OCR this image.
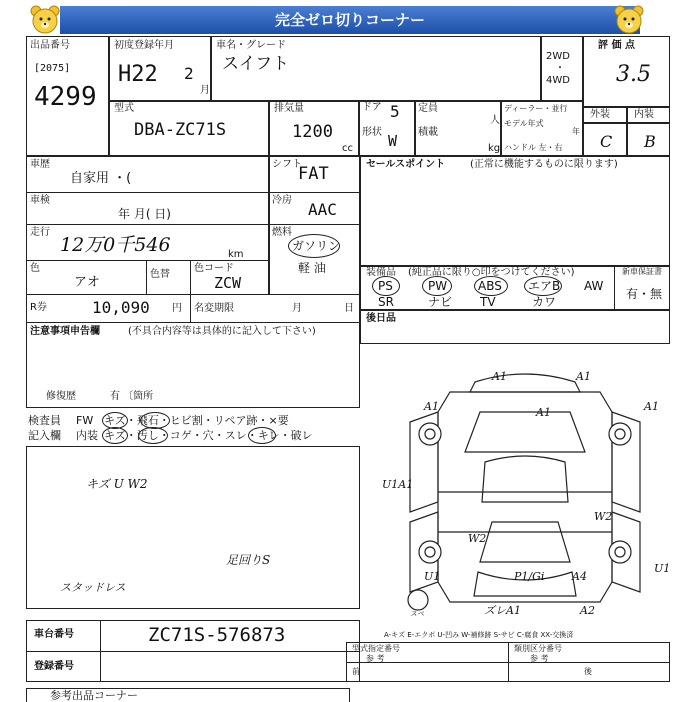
完全ゼロ切りコーナー
出品番号
[2075]
4299
初度登録年月
H22 2
月
車名・グレード
スイフト	2WD
・
4WD
評 価 点
3.5
型式
DBA-ZC71S
排気量
1200
cc
ドア 5
形状 W
定員
人
積載
kg
ディーラー・並行
モデル年式
年
ハンドル 左・右
外装 内装
C B
車歴
自家用 ・(
車検
年 月( 日)
走行
12万0千546	km
色
アオ
色替
色コード
ZCW
R券	10,090 円 名変期限	月	日
注意事項申告欄	(不具合内容等は具体的に記入して下さい)
修復歴	有 〔箇所
検査員
記入欄
FW キズ・飛石・ヒビ割・リペア跡・×要
内装 キズ・汚し・コゲ・穴・スレ・キレ・破レ
キズ U W2
足回りS
スタッドレス
シフト
FAT
冷房 AAC
燃料
ガソリン
軽 油
セールスポイント (正常に機能するものに限ります)
装備品 (純正品に限り○印をつけてください)
PS	PW	ABS エアB AW
SR	ナビ TV	カワ
新車保証書
有・無
後日品
A1	A1
A1	A1	A1
U1A1
W2
W2
U1
U1
A4
P1/Gi
ズレA1	A2
スペ
A-キズ E-エクボ U-凹み W-補修跡 S-サビ C-腐食 XX-交換済
車台番号	ZC71S-576873
登録番号
型式指定番号
参 考
類別区分番号
参 考
前	後
参考出品コーナー
